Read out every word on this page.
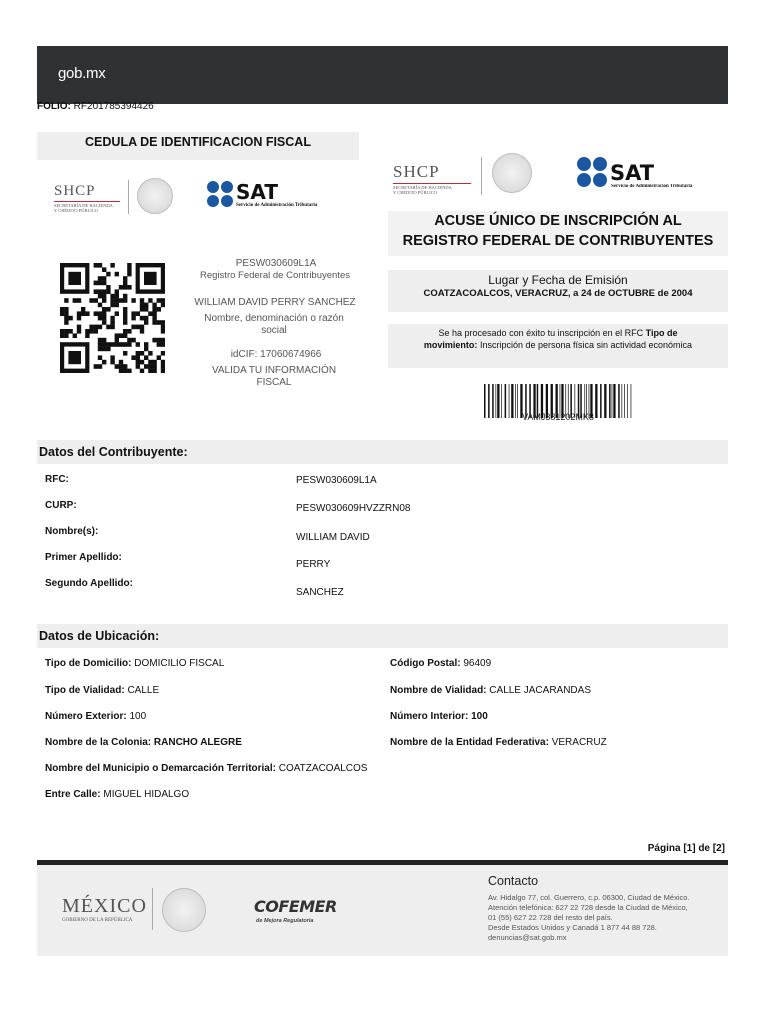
gob.mx
FOLIO: RF201785394426
CEDULA DE IDENTIFICACION FISCAL
SHCP
SECRETARÍA DE HACIENDA
Y CRÉDITO PÚBLICO
SAT
Servicio de Administración Tributaria
PESW030609L1A
Registro Federal de Contribuyentes
WILLIAM DAVID PERRY SANCHEZ
Nombre, denominación o razón social
idCIF: 17060674966
VALIDA TU INFORMACIÓN FISCAL
SHCP
SECRETARÍA DE HACIENDA
Y CRÉDITO PÚBLICO
SAT
Servicio de Administración Tributaria
ACUSE ÚNICO DE INSCRIPCIÓN AL
REGISTRO FEDERAL DE CONTRIBUYENTES
Lugar y Fecha de Emisión
COATZACOALCOS, VERACRUZ, a 24 de OCTUBRE de 2004
Se ha procesado con éxito tu inscripción en el RFC Tipo de movimiento: Inscripción de persona física sin actividad económica
VAMJ381202MK8
Datos del Contribuyente:
RFC:	PESW030609L1A
CURP:	PESW030609HVZZRN08
Nombre(s):
WILLIAM DAVID
Primer Apellido:
PERRY
Segundo Apellido:
SANCHEZ
Datos de Ubicación:
Tipo de Domicilio: DOMICILIO FISCAL	Código Postal: 96409
Tipo de Vialidad: CALLE	Nombre de Vialidad: CALLE JACARANDAS
Número Exterior: 100	Número Interior: 100
Nombre de la Colonia: RANCHO ALEGRE	Nombre de la Entidad Federativa: VERACRUZ
Nombre del Municipio o Demarcación Territorial: COATZACOALCOS
Entre Calle: MIGUEL HIDALGO
Página [1] de [2]
MÉXICO
GOBIERNO DE LA REPÚBLICA
COFEMER
de Mejora Regulatoria
Contacto
Av. Hidalgo 77, col. Guerrero, c.p. 06300, Ciudad de México.
Atención telefónica: 627 22 728 desde la Ciudad de México,
01 (55) 627 22 728 del resto del país.
Desde Estados Unidos y Canadá 1 877 44 88 728.
denuncias@sat.gob.mx
